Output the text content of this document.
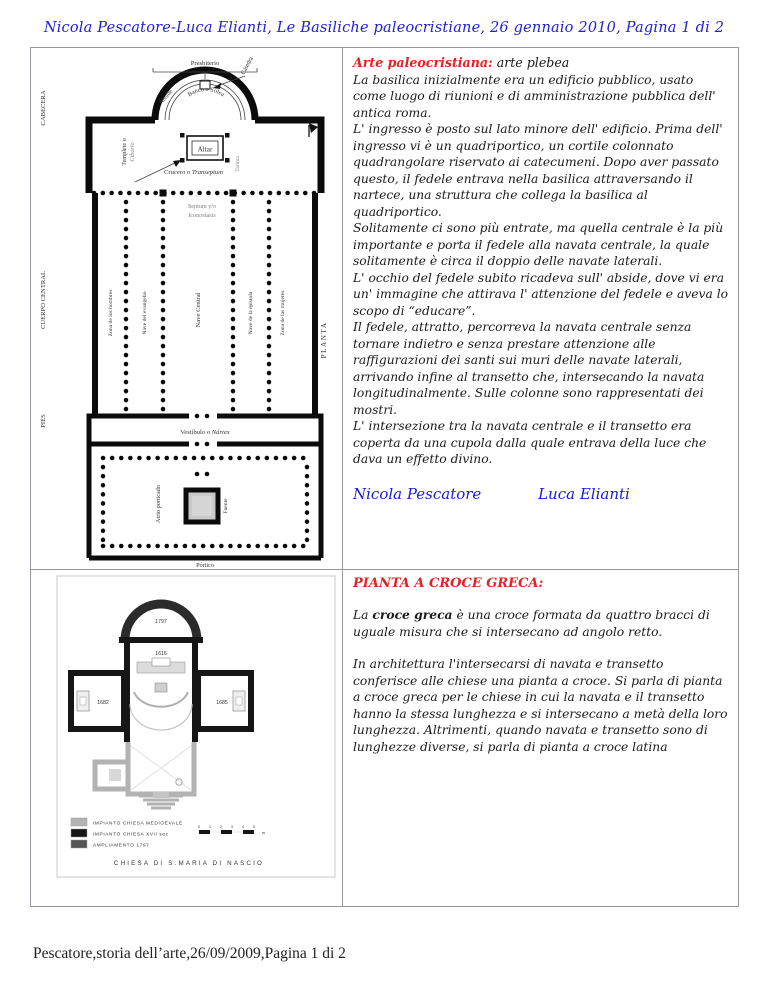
Nicola Pescatore-Luca Elianti, Le Basiliche paleocristiane, 26 gennaio 2010, Pagina 1 di 2
CABECERA
CUERPO CENTRAL
PIES
PLANTA
Presbiterio	Cátedra
Ábside Banco o Solea
Altar
Tarima
Templete o Ciborio
Crucero o Transeptum
Septum y/o
Iconostasis
Zona de los hombres	Nave del evangelio	Nave Central	Nave de la epistola	Zona de las mujeres
Vestíbulo o Nártex
Atrio porticado	Fuente
Pórtico
Arte paleocristiana: arte plebea

La basilica inizialmente era un edificio pubblico, usato come luogo di riunioni e di amministrazione pubblica dell' antica roma.

L' ingresso è posto sul lato minore dell' edificio. Prima dell' ingresso vi è un quadriportico, un cortile colonnato quadrangolare riservato ai catecumeni. Dopo aver passato questo, il fedele entrava nella basilica attraversando il nartece, una struttura che collega la basilica al quadriportico.

Solitamente ci sono più entrate, ma quella centrale è la più importante e porta il fedele alla navata centrale, la quale solitamente è circa il doppio delle navate laterali.

L' occhio del fedele subito ricadeva sull' abside, dove vi era un' immagine che attirava l' attenzione del fedele e aveva lo scopo di “educare”.

Il fedele, attratto, percorreva la navata centrale senza tornare indietro e senza prestare attenzione alle raffigurazioni dei santi sui muri delle navate laterali, arrivando infine al transetto che, intersecando la navata longitudinalmente. Sulle colonne sono rappresentati dei mostri.

L' intersezione tra la navata centrale e il transetto era coperta da una cupola dalla quale entrava della luce che dava un effetto divino.

Nicola Pescatore	Luca Elianti
1797
1616
1682	1685
IMPIANTO CHIESA MEDIOEVALE
IMPIANTO CHIESA XVII sec
AMPLIAMENTO 1797
0	1	2	3	4	5
m
CHIESA DI S.MARIA DI NASCIO
PIANTA A CROCE GRECA:

La croce greca è una croce formata da quattro bracci di uguale misura che si intersecano ad angolo retto.

In architettura l'intersecarsi di navata e transetto conferisce alle chiese una pianta a croce. Si parla di pianta a croce greca per le chiese in cui la navata e il transetto hanno la stessa lunghezza e si intersecano a metà della loro lunghezza. Altrimenti, quando navata e transetto sono di lunghezze diverse, si parla di pianta a croce latina

Pescatore,storia dell’arte,26/09/2009,Pagina 1 di 2
